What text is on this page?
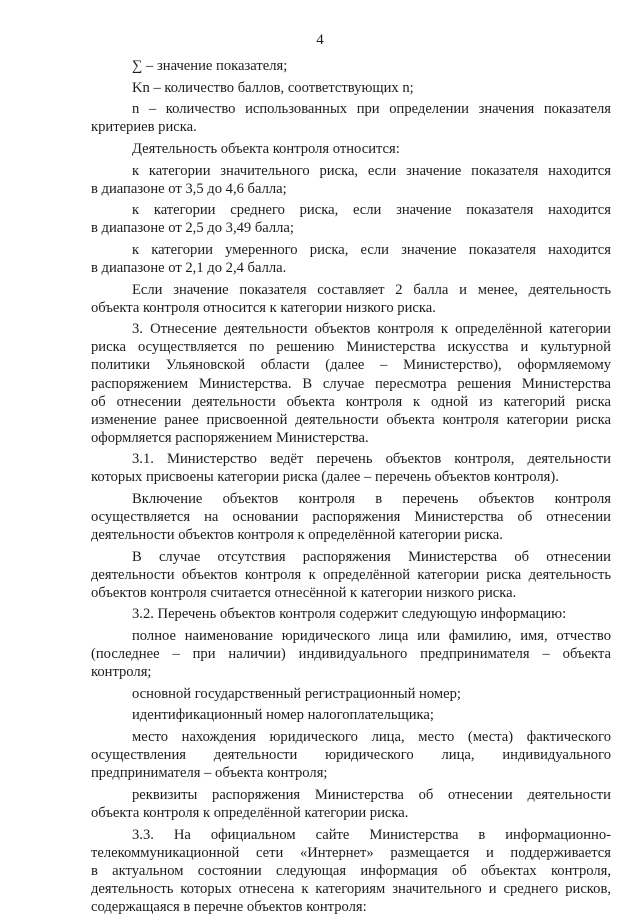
4
∑ – значение показателя;
Kn – количество баллов, соответствующих n;
n – количество использованных при определении значения показателя
критериев риска.
Деятельность объекта контроля относится:
к категории значительного риска, если значение показателя находится
в диапазоне от 3,5 до 4,6 балла;
к категории среднего риска, если значение показателя находится
в диапазоне от 2,5 до 3,49 балла;
к категории умеренного риска, если значение показателя находится
в диапазоне от 2,1 до 2,4 балла.
Если значение показателя составляет 2 балла и менее, деятельность
объекта контроля относится к категории низкого риска.
3. Отнесение деятельности объектов контроля к определённой категории
риска осуществляется по решению Министерства искусства и культурной
политики Ульяновской области (далее – Министерство), оформляемому
распоряжением Министерства. В случае пересмотра решения Министерства
об отнесении деятельности объекта контроля к одной из категорий риска
изменение ранее присвоенной деятельности объекта контроля категории риска
оформляется распоряжением Министерства.
3.1. Министерство ведёт перечень объектов контроля, деятельности
которых присвоены категории риска (далее – перечень объектов контроля).
Включение объектов контроля в перечень объектов контроля
осуществляется на основании распоряжения Министерства об отнесении
деятельности объектов контроля к определённой категории риска.
В случае отсутствия распоряжения Министерства об отнесении
деятельности объектов контроля к определённой категории риска деятельность
объектов контроля считается отнесённой к категории низкого риска.
3.2. Перечень объектов контроля содержит следующую информацию:
полное наименование юридического лица или фамилию, имя, отчество
(последнее – при наличии) индивидуального предпринимателя – объекта
контроля;
основной государственный регистрационный номер;
идентификационный номер налогоплательщика;
место нахождения юридического лица, место (места) фактического
осуществления деятельности юридического лица, индивидуального
предпринимателя – объекта контроля;
реквизиты распоряжения Министерства об отнесении деятельности
объекта контроля к определённой категории риска.
3.3. На официальном сайте Министерства в информационно-
телекоммуникационной сети «Интернет» размещается и поддерживается
в актуальном состоянии следующая информация об объектах контроля,
деятельность которых отнесена к категориям значительного и среднего рисков,
содержащаяся в перечне объектов контроля:
